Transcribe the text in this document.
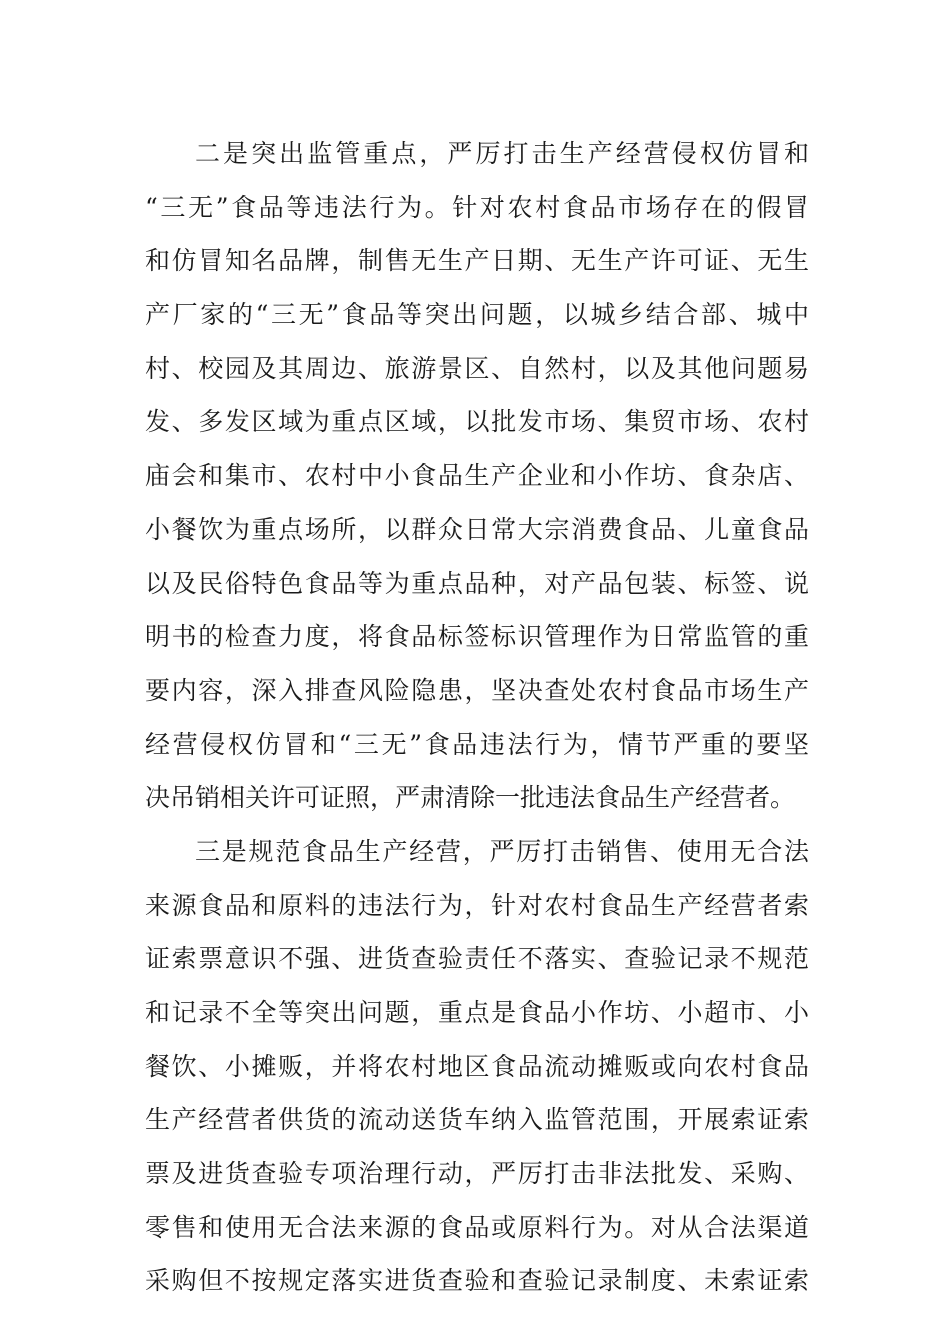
二是突出监管重点，严厉打击生产经营侵权仿冒和
“三无”食品等违法行为。针对农村食品市场存在的假冒
和仿冒知名品牌，制售无生产日期、无生产许可证、无生
产厂家的“三无”食品等突出问题，以城乡结合部、城中
村、校园及其周边、旅游景区、自然村，以及其他问题易
发、多发区域为重点区域，以批发市场、集贸市场、农村
庙会和集市、农村中小食品生产企业和小作坊、食杂店、
小餐饮为重点场所，以群众日常大宗消费食品、儿童食品
以及民俗特色食品等为重点品种，对产品包装、标签、说
明书的检查力度，将食品标签标识管理作为日常监管的重
要内容，深入排查风险隐患，坚决查处农村食品市场生产
经营侵权仿冒和“三无”食品违法行为，情节严重的要坚
决吊销相关许可证照，严肃清除一批违法食品生产经营者。
三是规范食品生产经营，严厉打击销售、使用无合法
来源食品和原料的违法行为，针对农村食品生产经营者索
证索票意识不强、进货查验责任不落实、查验记录不规范
和记录不全等突出问题，重点是食品小作坊、小超市、小
餐饮、小摊贩，并将农村地区食品流动摊贩或向农村食品
生产经营者供货的流动送货车纳入监管范围，开展索证索
票及进货查验专项治理行动，严厉打击非法批发、采购、
零售和使用无合法来源的食品或原料行为。对从合法渠道
采购但不按规定落实进货查验和查验记录制度、未索证索
